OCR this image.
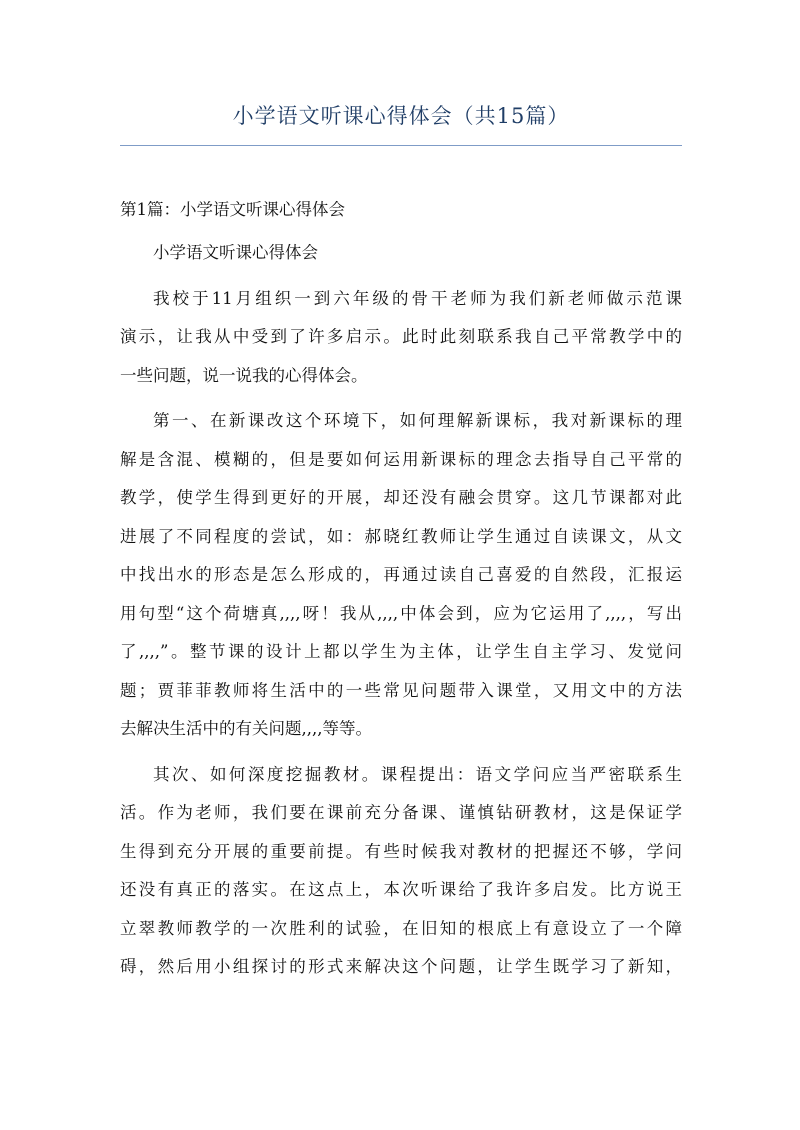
小学语文听课心得体会（共15篇）

第1篇：小学语文听课心得体会

小学语文听课心得体会

我校于11月组织一到六年级的骨干老师为我们新老师做示范课
演示，让我从中受到了许多启示。此时此刻联系我自己平常教学中的
一些问题，说一说我的心得体会。

第一、在新课改这个环境下，如何理解新课标，我对新课标的理
解是含混、模糊的，但是要如何运用新课标的理念去指导自己平常的
教学，使学生得到更好的开展，却还没有融会贯穿。这几节课都对此
进展了不同程度的尝试，如：郝晓红教师让学生通过自读课文，从文
中找出水的形态是怎么形成的，再通过读自己喜爱的自然段，汇报运
用句型“这个荷塘真,,,,呀！我从,,,,中体会到，应为它运用了,,,,，写出
了,,,,”。整节课的设计上都以学生为主体，让学生自主学习、发觉问
题；贾菲菲教师将生活中的一些常见问题带入课堂，又用文中的方法
去解决生活中的有关问题,,,,等等。

其次、如何深度挖掘教材。课程提出：语文学问应当严密联系生
活。作为老师，我们要在课前充分备课、谨慎钻研教材，这是保证学
生得到充分开展的重要前提。有些时候我对教材的把握还不够，学问
还没有真正的落实。在这点上，本次听课给了我许多启发。比方说王
立翠教师教学的一次胜利的试验，在旧知的根底上有意设立了一个障
碍，然后用小组探讨的形式来解决这个问题，让学生既学习了新知，
